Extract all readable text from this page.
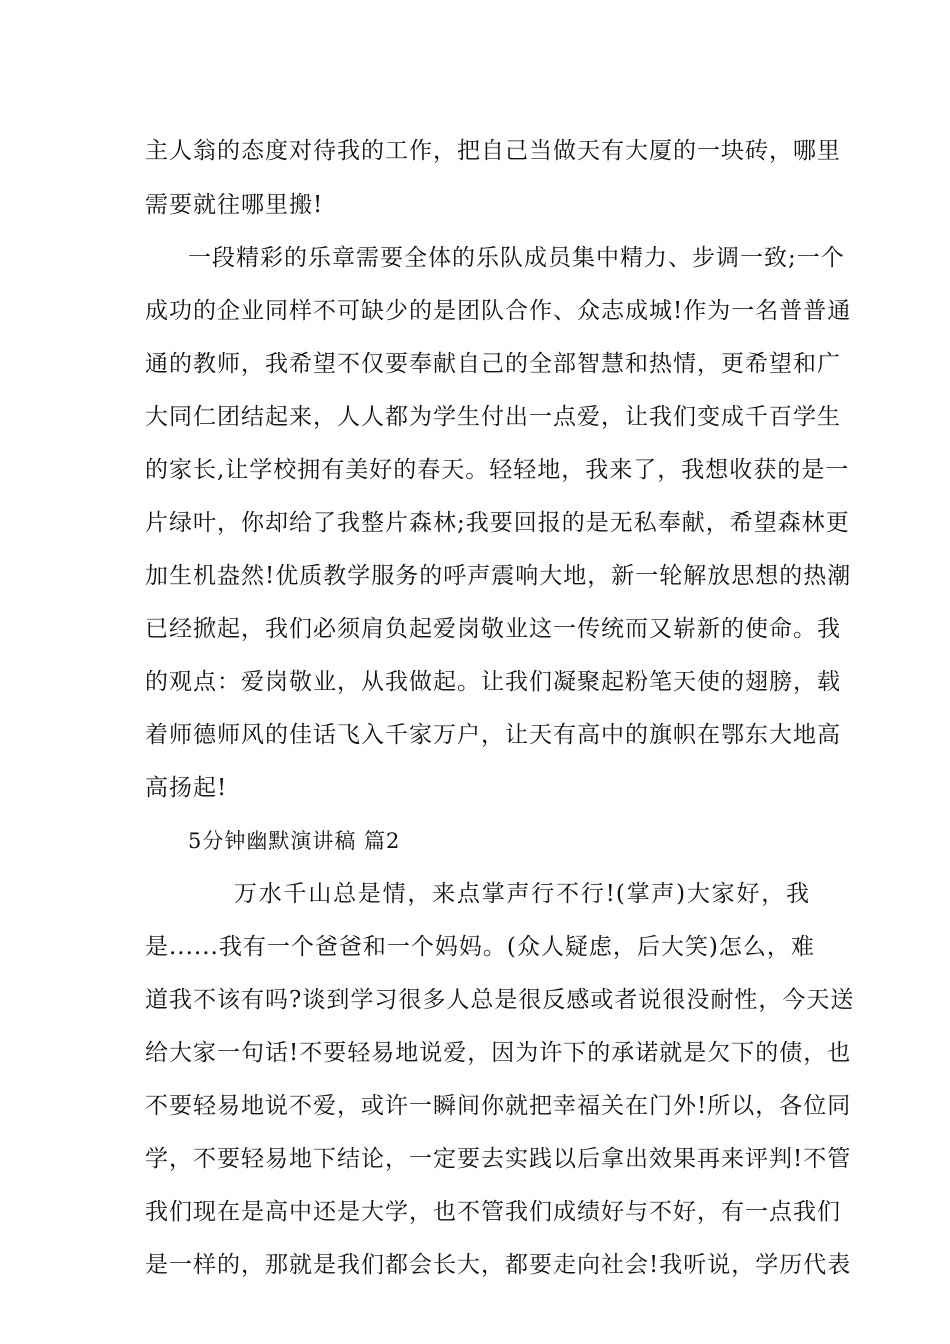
主人翁的态度对待我的工作，把自己当做天有大厦的一块砖，哪里
需要就往哪里搬!
一段精彩的乐章需要全体的乐队成员集中精力、步调一致;一个
成功的企业同样不可缺少的是团队合作、众志成城!作为一名普普通
通的教师，我希望不仅要奉献自己的全部智慧和热情，更希望和广
大同仁团结起来，人人都为学生付出一点爱，让我们变成千百学生
的家长,让学校拥有美好的春天。轻轻地，我来了，我想收获的是一
片绿叶，你却给了我整片森林;我要回报的是无私奉献，希望森林更
加生机盎然!优质教学服务的呼声震响大地，新一轮解放思想的热潮
已经掀起，我们必须肩负起爱岗敬业这一传统而又崭新的使命。我
的观点：爱岗敬业，从我做起。让我们凝聚起粉笔天使的翅膀，载
着师德师风的佳话飞入千家万户，让天有高中的旗帜在鄂东大地高
高扬起!
5分钟幽默演讲稿 篇2
万水千山总是情，来点掌声行不行!(掌声)大家好，我
是......我有一个爸爸和一个妈妈。(众人疑虑，后大笑)怎么，难
道我不该有吗?谈到学习很多人总是很反感或者说很没耐性，今天送
给大家一句话!不要轻易地说爱，因为许下的承诺就是欠下的债，也
不要轻易地说不爱，或许一瞬间你就把幸福关在门外!所以，各位同
学，不要轻易地下结论，一定要去实践以后拿出效果再来评判!不管
我们现在是高中还是大学，也不管我们成绩好与不好，有一点我们
是一样的，那就是我们都会长大，都要走向社会!我听说，学历代表
